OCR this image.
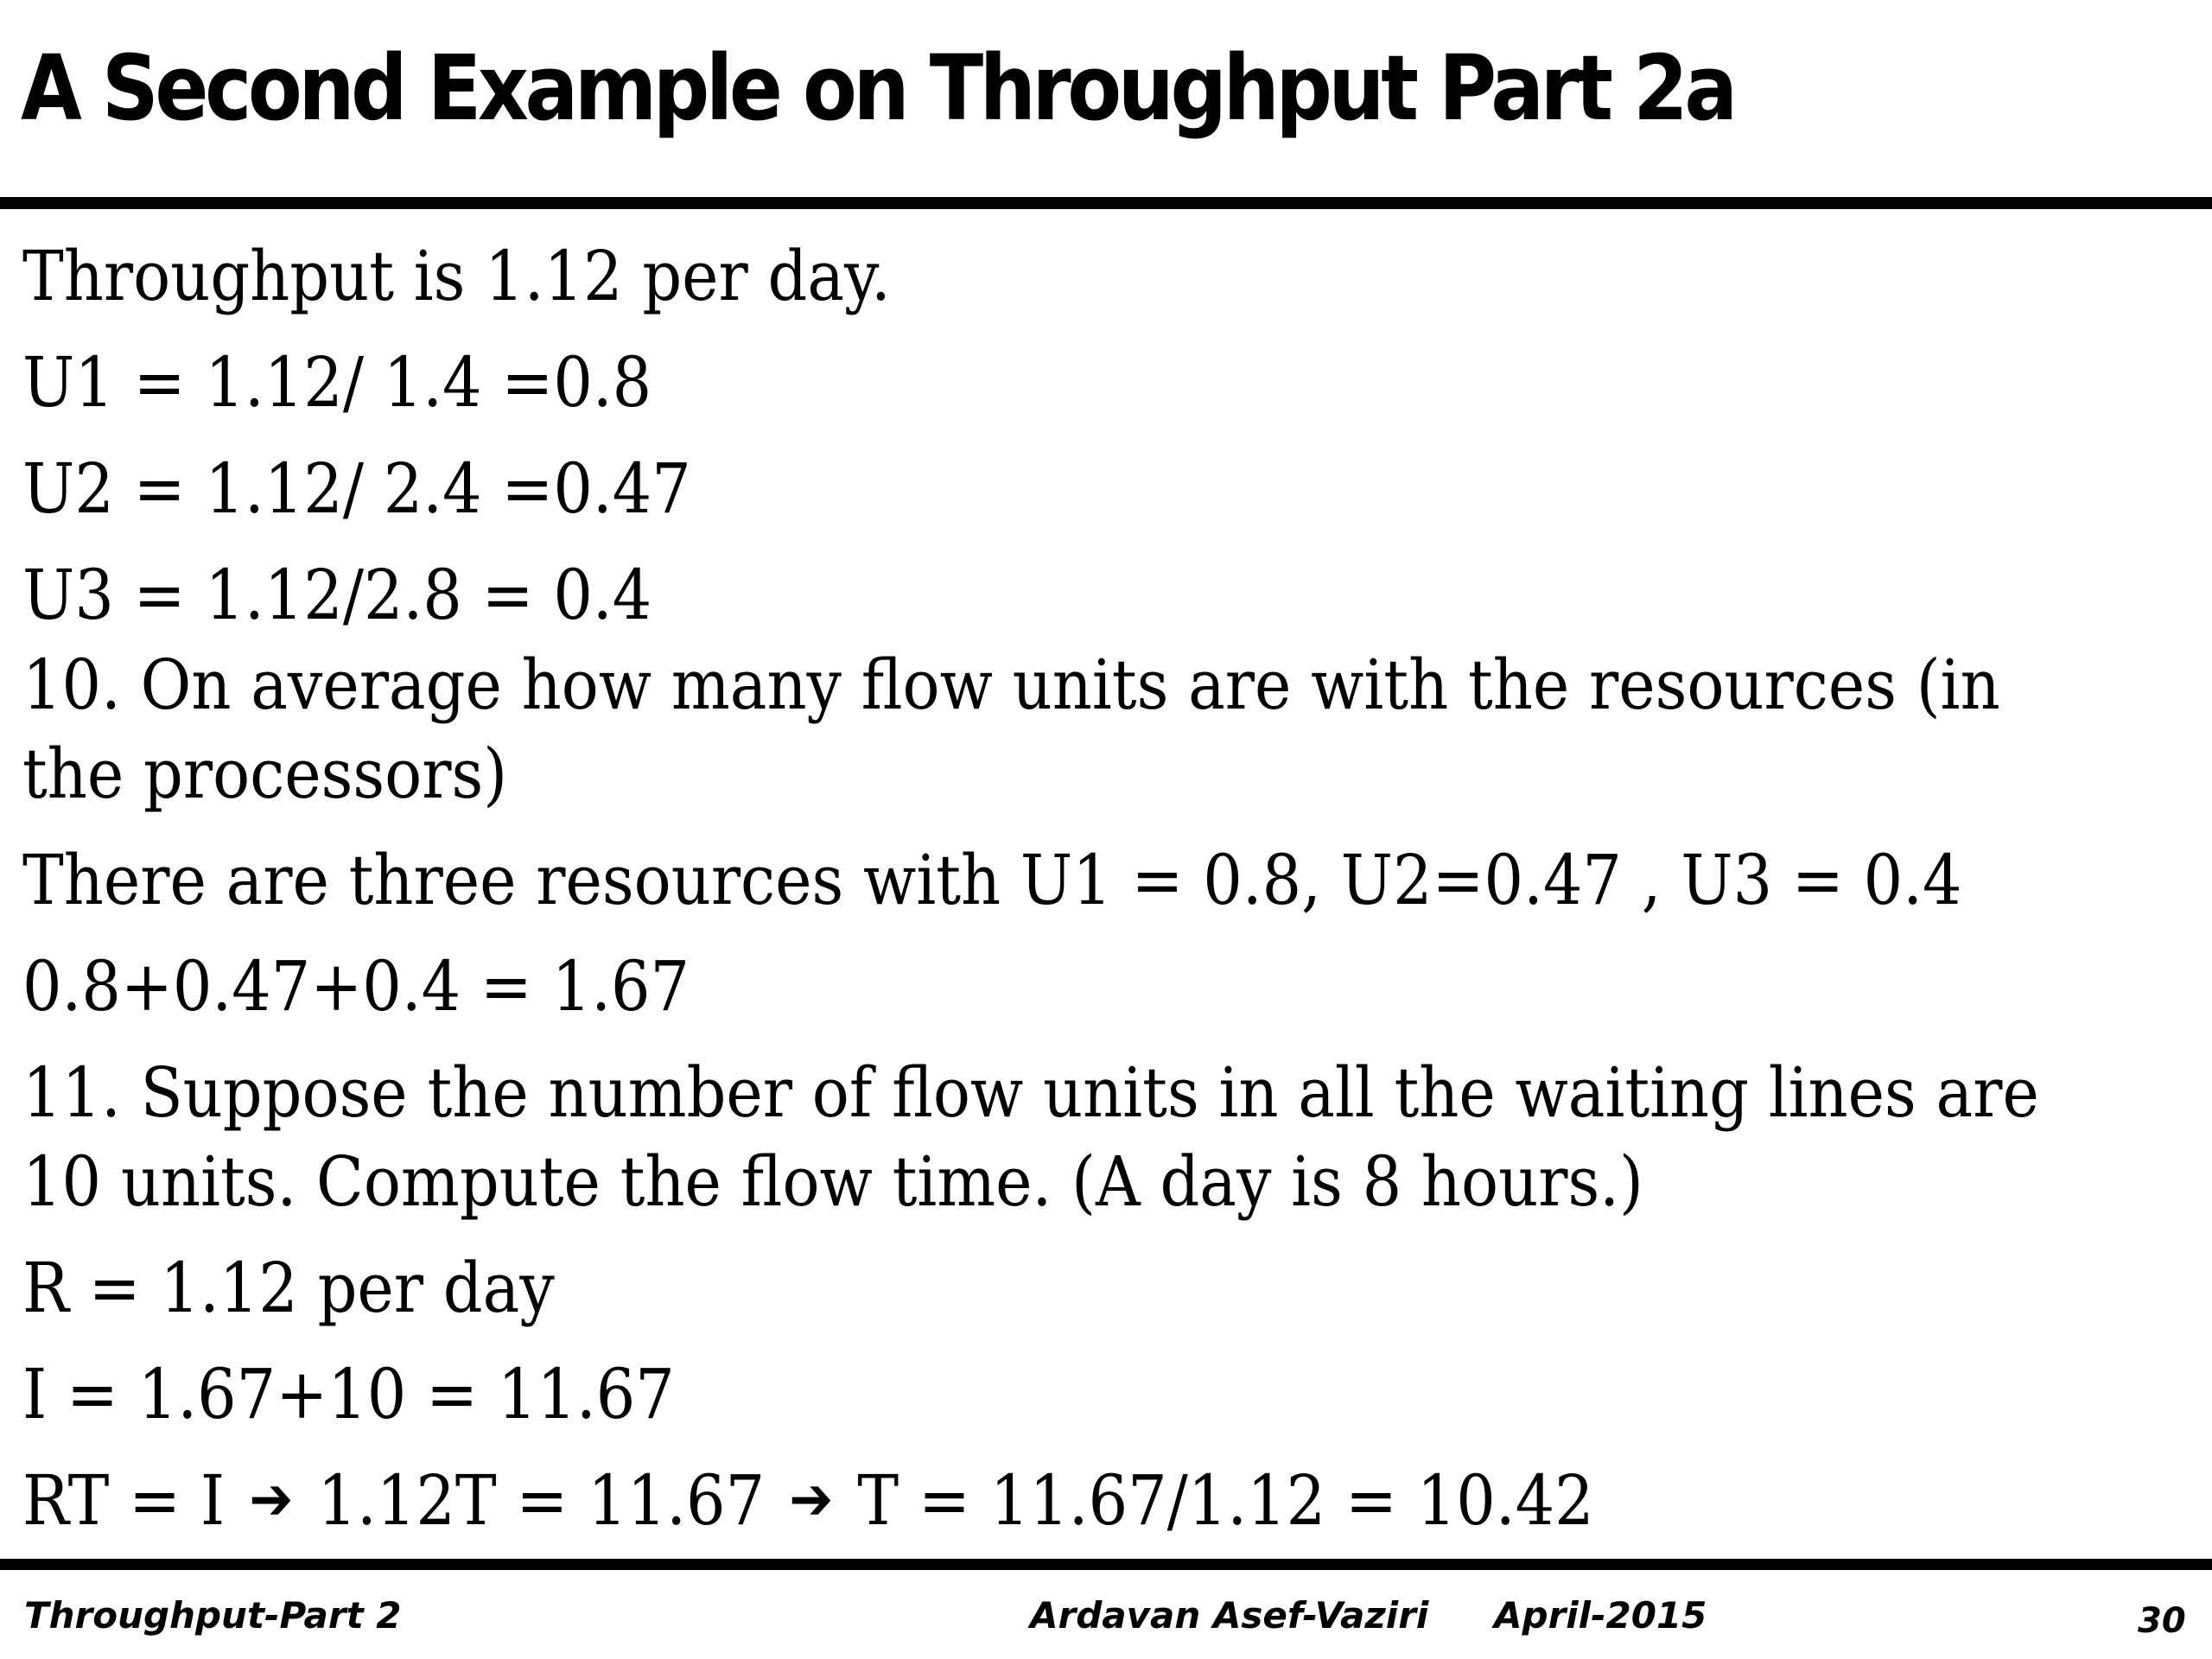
A Second Example on Throughput Part 2a

Throughput is 1.12 per day.

U1 = 1.12/ 1.4 =0.8

U2 = 1.12/ 2.4 =0.47

U3 = 1.12/2.8 = 0.4

10. On average how many flow units are with the resources (in

the processors)

There are three resources with U1 = 0.8, U2=0.47 , U3 = 0.4

0.8+0.47+0.4 = 1.67

11. Suppose the number of flow units in all the waiting lines are

10 units. Compute the flow time. (A day is 8 hours.)

R = 1.12 per day

I = 1.67+10 = 11.67

RT = I ➔ 1.12T = 11.67 ➔ T = 11.67/1.12 = 10.42

Throughput-Part 2	Ardavan Asef-Vaziri April-2015	30
